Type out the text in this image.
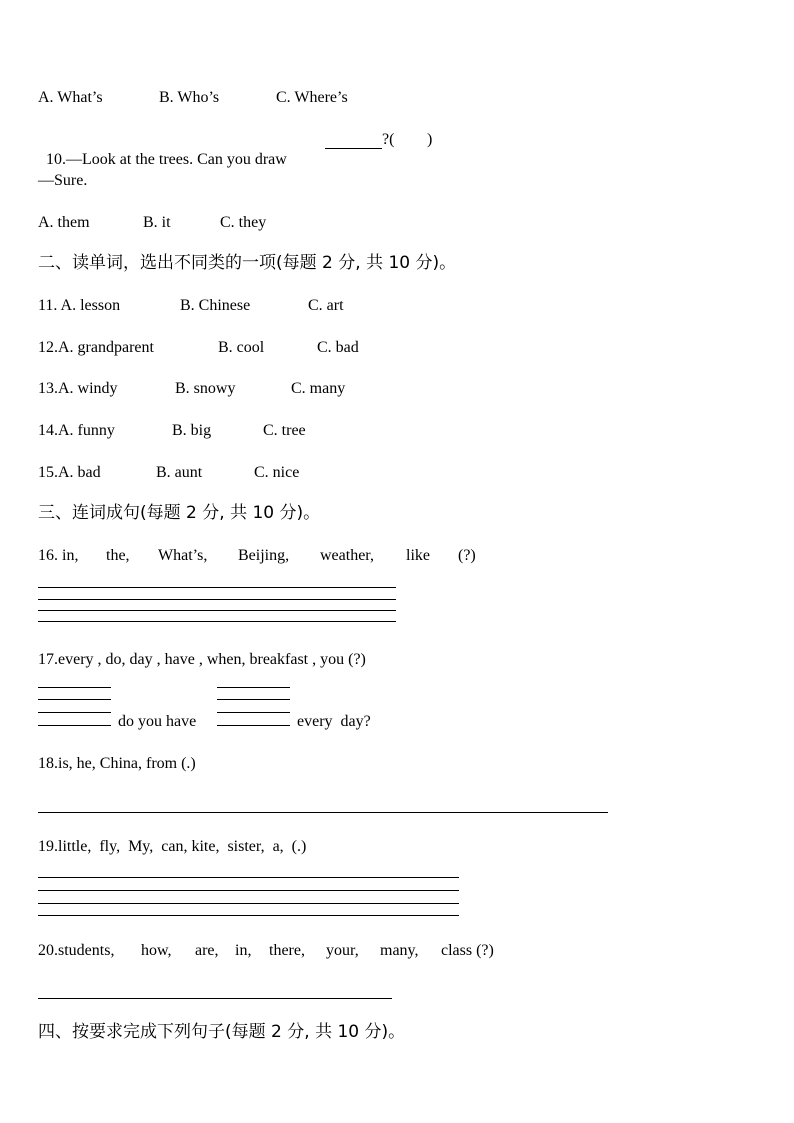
A. What’s

	B. Who’s

	C. Where’s

10.—Look at the trees. Can you draw

?(

)

—Sure.

A. them

	B. it

	C. they

二、读单词，选出不同类的一项(每题 2 分, 共 10 分)。

11. A. lesson

	B. Chinese

	C. art

12.A. grandparent

	B. cool

	C. bad

13.A. windy

	B. snowy

	C. many

14.A. funny

	B. big

	C. tree

15.A. bad

	B. aunt

	C. nice

三、连词成句(每题 2 分, 共 10 分)。

16. in,

the,

What’s,

Beijing,

weather,

like

(?)

17.every , do, day , have , when, breakfast , you (?)
do you have	every  day?
18.is, he, China, from (.)
19.little,  fly,  My,  can, kite,  sister,  a,  (.)

20.students,

how,

are,

in,

there,

your,

many,

class (?)

四、按要求完成下列句子(每题 2 分, 共 10 分)。
